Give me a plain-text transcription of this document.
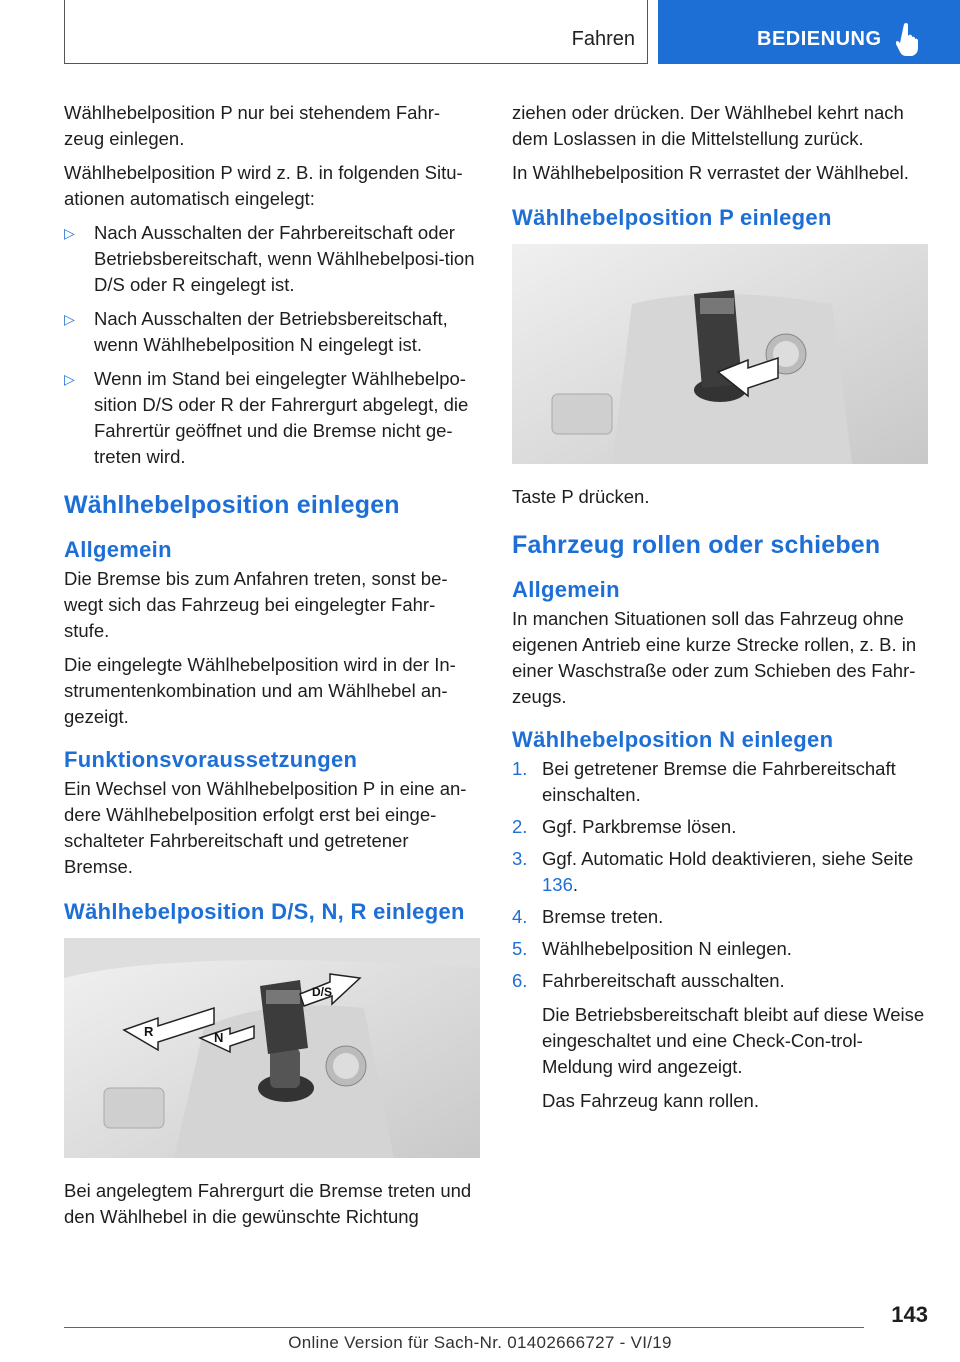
Fahren	BEDIENUNG

Wählhebelposition P nur bei stehendem Fahr‐zeug einlegen.

Wählhebelposition P wird z. B. in folgenden Situ‐ationen automatisch eingelegt:

▷ Nach Ausschalten der Fahrbereitschaft oder Betriebsbereitschaft, wenn Wählhebelposi‐tion D/S oder R eingelegt ist.
▷ Nach Ausschalten der Betriebsbereitschaft, wenn Wählhebelposition N eingelegt ist.
▷ Wenn im Stand bei eingelegter Wählhebelpo‐sition D/S oder R der Fahrergurt abgelegt, die Fahrertür geöffnet und die Bremse nicht ge‐treten wird.
Wählhebelposition einlegen
Allgemein

Die Bremse bis zum Anfahren treten, sonst be‐wegt sich das Fahrzeug bei eingelegter Fahr‐stufe.

Die eingelegte Wählhebelposition wird in der In‐strumentenkombination und am Wählhebel an‐gezeigt.

Funktionsvoraussetzungen

Ein Wechsel von Wählhebelposition P in eine an‐dere Wählhebelposition erfolgt erst bei einge‐schalteter Fahrbereitschaft und getretener Bremse.

Wählhebelposition D/S, N, R einlegen
R	N
D/S

Bei angelegtem Fahrergurt die Bremse treten und den Wählhebel in die gewünschte Richtung

ziehen oder drücken. Der Wählhebel kehrt nach dem Loslassen in die Mittelstellung zurück.

In Wählhebelposition R verrastet der Wählhebel.

Wählhebelposition P einlegen

Taste P drücken.

Fahrzeug rollen oder schieben
Allgemein

In manchen Situationen soll das Fahrzeug ohne eigenen Antrieb eine kurze Strecke rollen, z. B. in einer Waschstraße oder zum Schieben des Fahr‐zeugs.

Wählhebelposition N einlegen
1. Bei getretener Bremse die Fahrbereitschaft einschalten.
2. Ggf. Parkbremse lösen.
3. Ggf. Automatic Hold deaktivieren, siehe Seite 136.
4. Bremse treten.
5. Wählhebelposition N einlegen.
6. Fahrbereitschaft ausschalten.

Die Betriebsbereitschaft bleibt auf diese Weise eingeschaltet und eine Check-Con‐trol-Meldung wird angezeigt.

Das Fahrzeug kann rollen.

143
Online Version für Sach-Nr. 01402666727 - VI/19
